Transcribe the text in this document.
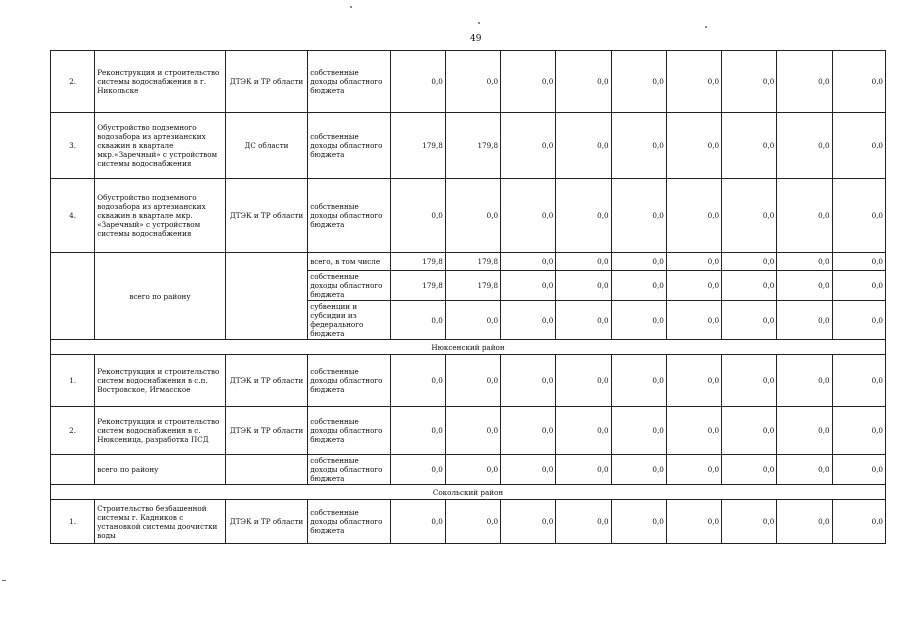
49
2.	Реконструкция и строительство системы водоснабжения в г. Никольске	ДТЭК и ТР области	собственные доходы областного бюджета	0,0	0,0	0,0	0,0	0,0	0,0	0,0	0,0	0,0
3.	Обустройство подземного водозабора из артезианских скважин в квартале мкр.«Заречный» с устройством системы водоснабжения	ДС области	собственные доходы областного бюджета	179,8	179,8	0,0	0,0	0,0	0,0	0,0	0,0	0,0
4.	Обустройство подземного водозабора из артезианских скважин в квартале мкр. «Заречный» с устройством системы водоснабжения	ДТЭК и ТР области	собственные доходы областного бюджета	0,0	0,0	0,0	0,0	0,0	0,0	0,0	0,0	0,0
	всего по району		всего, в том числе	179,8	179,8	0,0	0,0	0,0	0,0	0,0	0,0	0,0
			собственные доходы областного бюджета	179,8	179,8	0,0	0,0	0,0	0,0	0,0	0,0	0,0
			субвенции и субсидии из федерального бюджета	0,0	0,0	0,0	0,0	0,0	0,0	0,0	0,0	0,0
Нюксенский район												
1.	Реконструкция и строительство систем водоснабжения в с.п. Востровское, Игмасское	ДТЭК и ТР области	собственные доходы областного бюджета	0,0	0,0	0,0	0,0	0,0	0,0	0,0	0,0	0,0
2.	Реконструкция и строительство систем водоснабжения в с. Нюксеница, разработка ПСД	ДТЭК и ТР области	собственные доходы областного бюджета	0,0	0,0	0,0	0,0	0,0	0,0	0,0	0,0	0,0
	всего по району		собственные доходы областного бюджета	0,0	0,0	0,0	0,0	0,0	0,0	0,0	0,0	0,0
Сокольский район												
1.	Строительство безбашенной системы г. Кадников с установкой системы доочистки воды	ДТЭК и ТР области	собственные доходы областного бюджета	0,0	0,0	0,0	0,0	0,0	0,0	0,0	0,0	0,0
